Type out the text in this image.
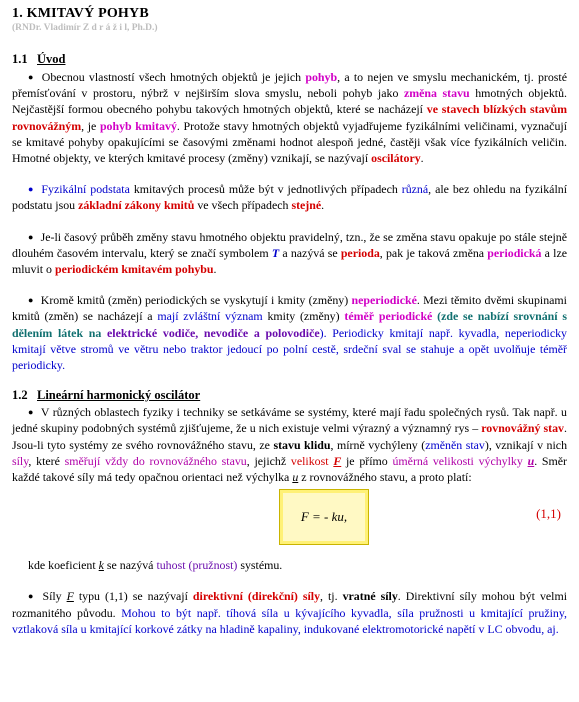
1. KMITAVÝ POHYB
(RNDr. Vladimír Z d r á ž i l, Ph.D.)
1.1 Úvod

● Obecnou vlastností všech hmotných objektů je jejich pohyb, a to nejen ve smyslu mechanickém, tj. prosté přemísťování v prostoru, nýbrž v nejširším slova smyslu, neboli pohyb jako změna stavu hmotných objektů. Nejčastější formou obecného pohybu takových hmotných objektů, které se nacházejí ve stavech blízkých stavům rovnovážným, je pohyb kmitavý. Protože stavy hmotných objektů vyjadřujeme fyzikálními veličinami, vyznačují se kmitavé pohyby opakujícími se časovými změnami hodnot alespoň jedné, častěji však více fyzikálních veličin. Hmotné objekty, ve kterých kmitavé procesy (změny) vznikají, se nazývají oscilátory.

● Fyzikální podstata kmitavých procesů může být v jednotlivých případech různá, ale bez ohledu na fyzikální podstatu jsou základní zákony kmitů ve všech případech stejné.

● Je-li časový průběh změny stavu hmotného objektu pravidelný, tzn., že se změna stavu opakuje po stále stejně dlouhém časovém intervalu, který se značí symbolem T a nazývá se perioda, pak je taková změna periodická a lze mluvit o periodickém kmitavém pohybu.

● Kromě kmitů (změn) periodických se vyskytují i kmity (změny) neperiodické. Mezi těmito dvěmi skupinami kmitů (změn) se nacházejí a mají zvláštní význam kmity (změny) téměř periodické (zde se nabízí srovnání s dělením látek na elektrické vodiče, nevodiče a polovodiče). Periodicky kmitají např. kyvadla, neperiodicky kmitají větve stromů ve větru nebo traktor jedoucí po polní cestě, srdeční sval se stahuje a opět uvolňuje téměř periodicky.

1.2 Lineární harmonický oscilátor

● V různých oblastech fyziky i techniky se setkáváme se systémy, které mají řadu společných rysů. Tak např. u jedné skupiny podobných systémů zjišťujeme, že u nich existuje velmi výrazný a významný rys – rovnovážný stav. Jsou-li tyto systémy ze svého rovnovážného stavu, ze stavu klidu, mírně vychýleny (změněn stav), vznikají v nich síly, které směřují vždy do rovnovážného stavu, jejichž velikost F je přímo úměrná velikosti výchylky u. Směr každé takové síly má tedy opačnou orientaci než výchylka u z rovnovážného stavu, a proto platí:

F = - ku,	(1,1)

kde koeficient k se nazývá tuhost (pružnost) systému.

● Síly F typu (1,1) se nazývají direktivní (direkční) síly, tj. vratné síly. Direktivní síly mohou být velmi rozmanitého původu. Mohou to být např. tíhová síla u kývajícího kyvadla, síla pružnosti u kmitající pružiny, vztlaková síla u kmitající korkové zátky na hladině kapaliny, indukované elektromotorické napětí v LC obvodu, aj.
